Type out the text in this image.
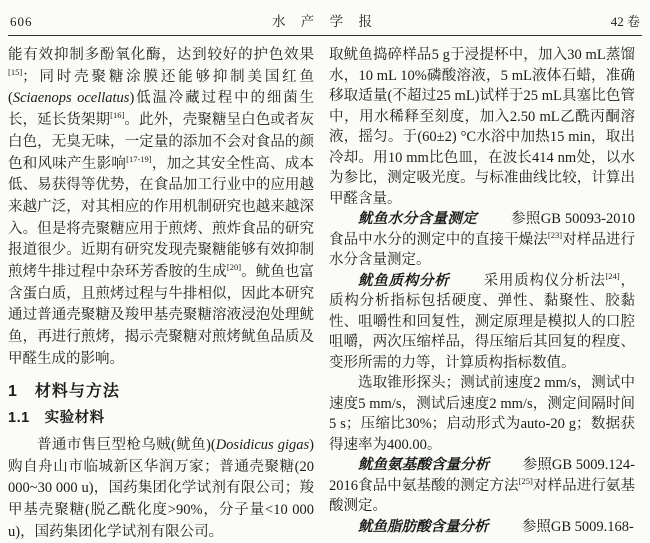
606	水 产 学 报	42 卷

能有效抑制多酚氧化酶，达到较好的护色效果[15]；同时壳聚糖涂膜还能够抑制美国红鱼(Sciaenops ocellatus)低温冷藏过程中的细菌生长，延长货架期[16]。此外，壳聚糖呈白色或者灰白色，无臭无味，一定量的添加不会对食品的颜色和风味产生影响[17-19]，加之其安全性高、成本低、易获得等优势，在食品加工行业中的应用越来越广泛，对其相应的作用机制研究也越来越深入。但是将壳聚糖应用于煎烤、煎炸食品的研究报道很少。近期有研究发现壳聚糖能够有效抑制煎烤牛排过程中杂环芳香胺的生成[20]。鱿鱼也富含蛋白质，且煎烤过程与牛排相似，因此本研究通过普通壳聚糖及羧甲基壳聚糖溶液浸泡处理鱿鱼，再进行煎烤，揭示壳聚糖对煎烤鱿鱼品质及甲醛生成的影响。

1　材料与方法
1.1　实验材料

普通市售巨型枪乌贼(鱿鱼)(Dosidicus gigas)购自舟山市临城新区华润万家；普通壳聚糖(20 000~30 000 u)，国药集团化学试剂有限公司；羧甲基壳聚糖(脱乙酰化度>90%，分子量<10 000 u)，国药集团化学试剂有限公司。

取鱿鱼捣碎样品5 g于浸提杯中，加入30 mL蒸馏水，10 mL 10%磷酸溶液，5 mL液体石蜡，准确移取适量(不超过25 mL)试样于25 mL具塞比色管中，用水稀释至刻度，加入2.50 mL乙酰丙酮溶液，摇匀。于(60±2) °C水浴中加热15 min，取出冷却。用10 mm比色皿，在波长414 nm处，以水为参比，测定吸光度。与标准曲线比较，计算出甲醛含量。

鱿鱼水分含量测定 参照GB 50093-2010食品中水分的测定中的直接干燥法[23]对样品进行水分含量测定。

鱿鱼质构分析 采用质构仪分析法[24]，质构分析指标包括硬度、弹性、黏聚性、胶黏性、咀嚼性和回复性，测定原理是模拟人的口腔咀嚼，两次压缩样品，得压缩后其回复的程度、变形所需的力等，计算质构指标数值。

选取锥形探头；测试前速度2 mm/s，测试中速度5 mm/s，测试后速度2 mm/s，测定间隔时间5 s；压缩比30%；启动形式为auto-20 g；数据获得速率为400.00。

鱿鱼氨基酸含量分析 参照GB 5009.124-2016食品中氨基酸的测定方法[25]对样品进行氨基酸测定。

鱿鱼脂肪酸含量分析 参照GB 5009.168-
